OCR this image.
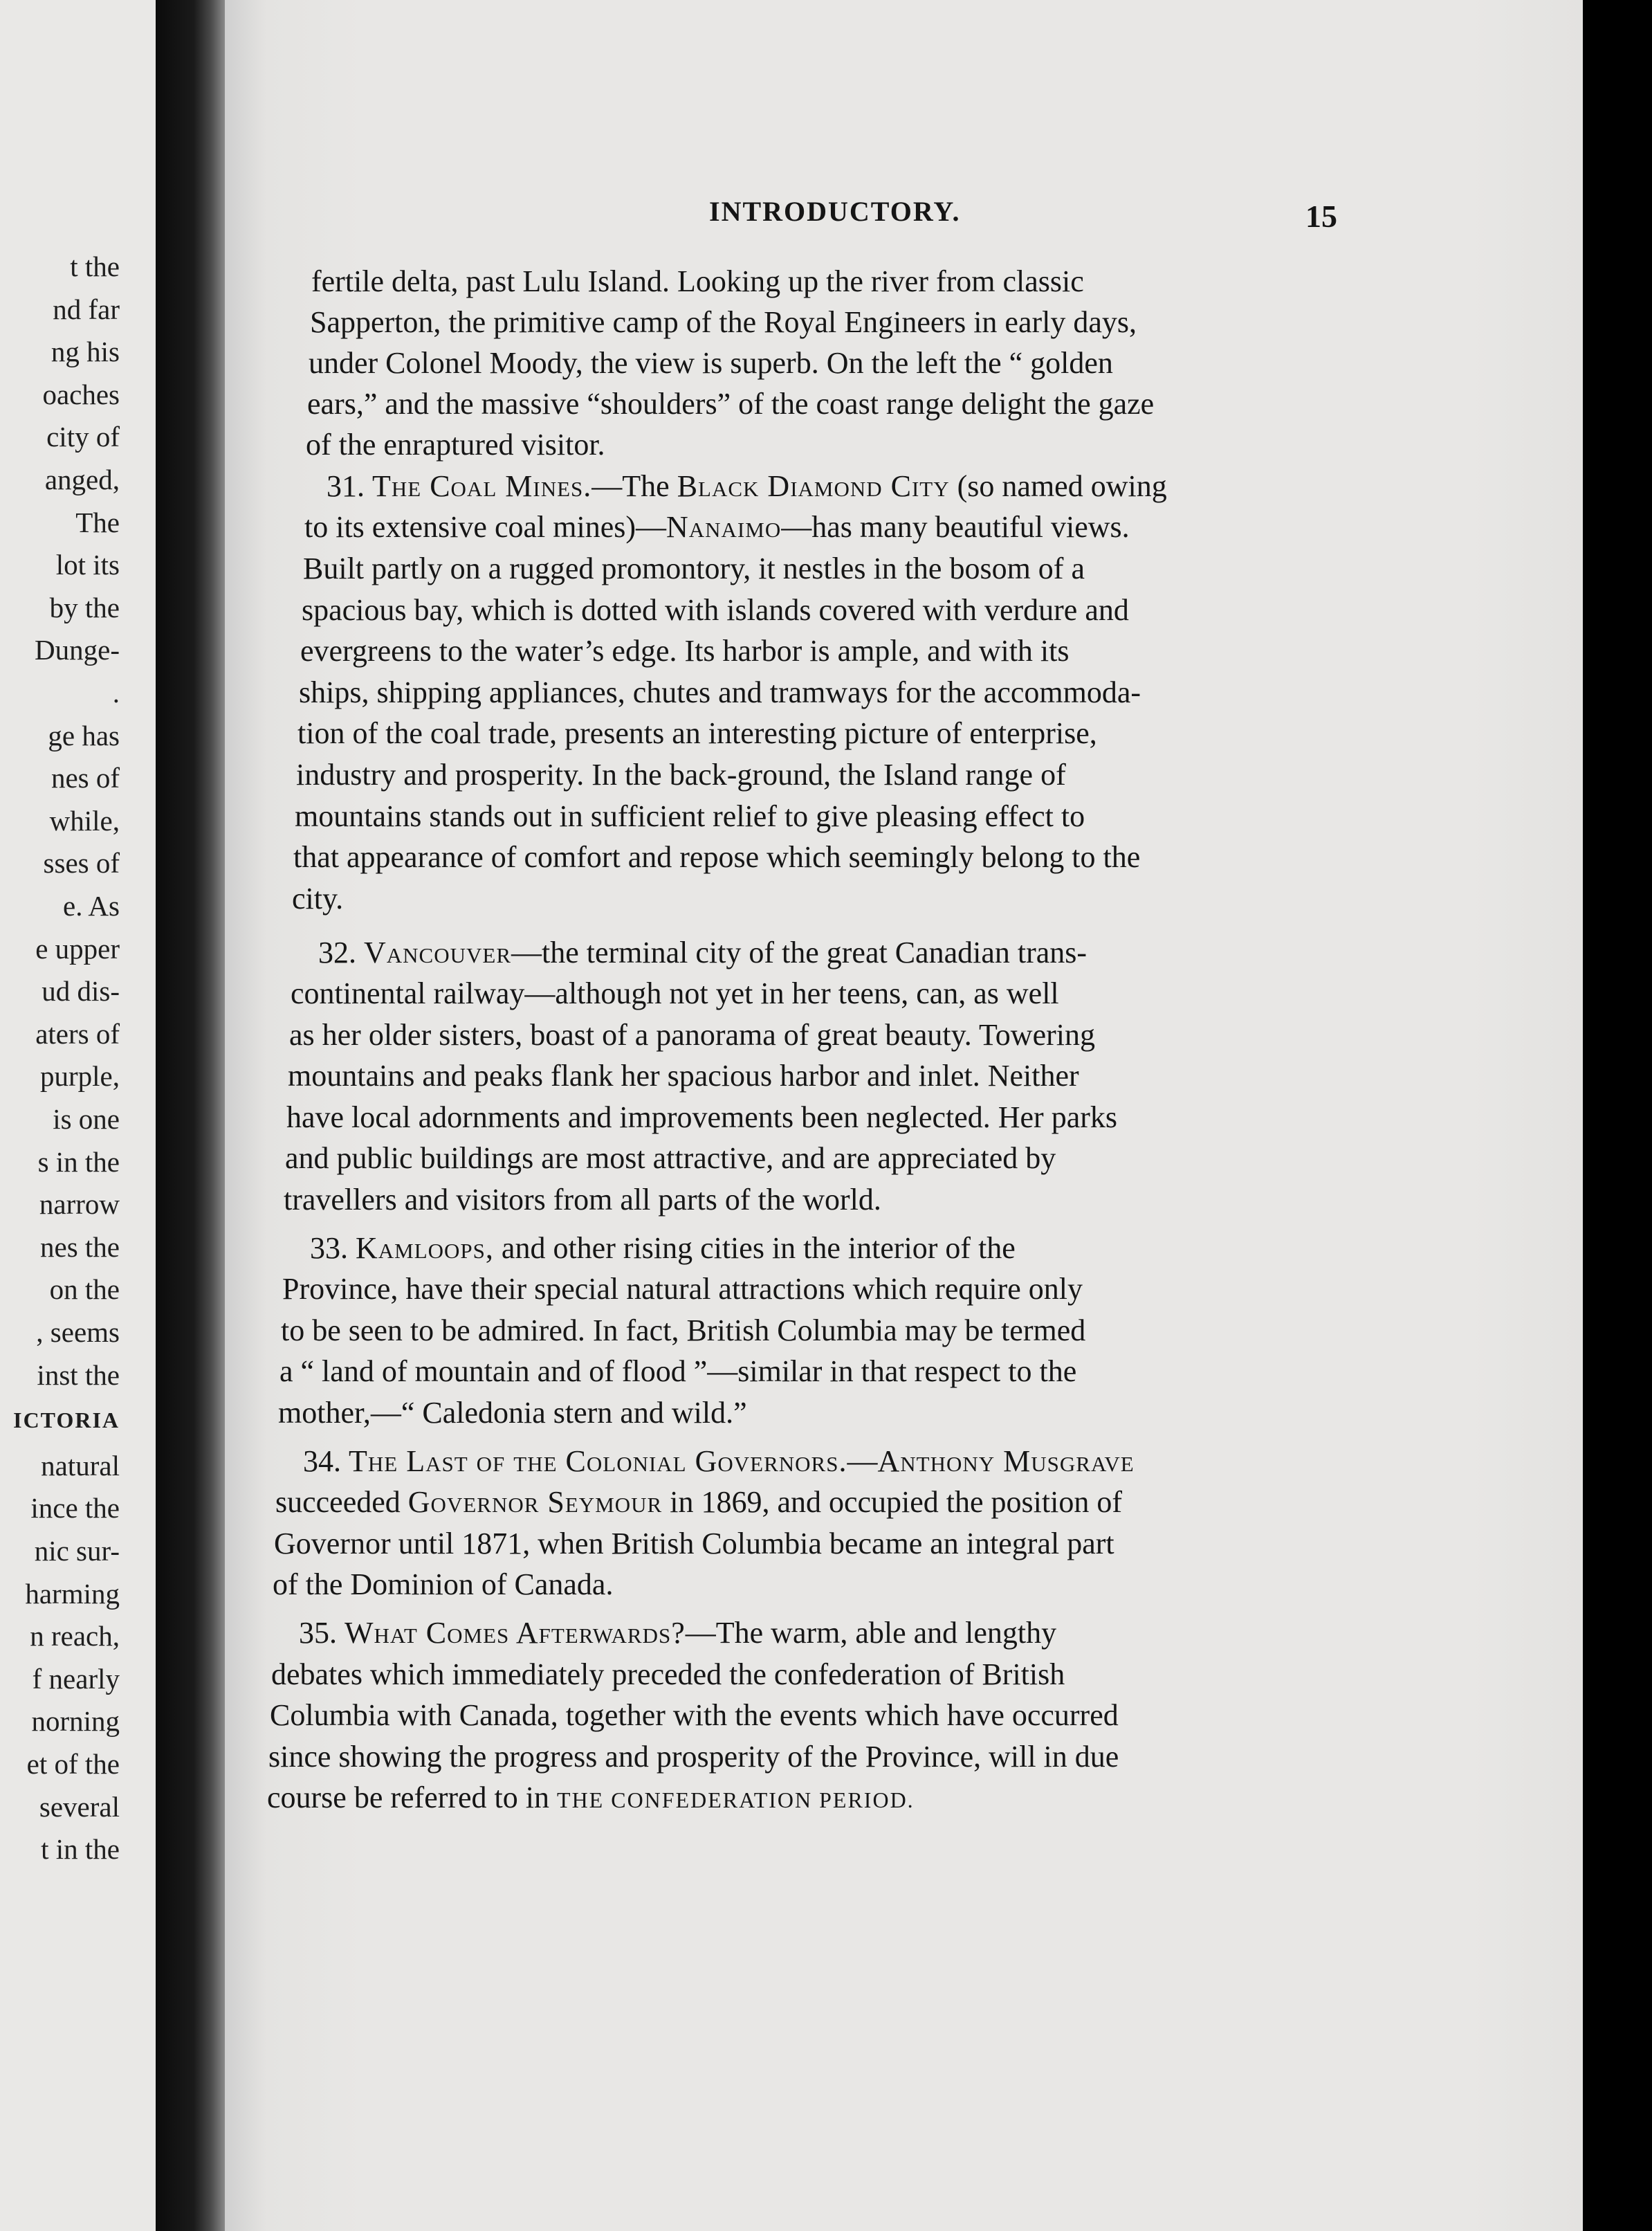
t the
nd far
ng his
oaches
city of
anged,
The
lot its
by the
Dunge-
.
ge has
nes of
while,
sses of
e. As
e upper
ud dis-
aters of
purple,
is one
s in the
narrow
nes the
on the
, seems
inst the
ICTORIA
natural
ince the
nic sur-
harming
n reach,
f nearly
norning
et of the
several
t in the
INTRODUCTORY.	15
fertile delta, past Lulu Island. Looking up the river from classic
Sapperton, the primitive camp of the Royal Engineers in early days,
under Colonel Moody, the view is superb. On the left the “ golden
ears,” and the massive “shoulders” of the coast range delight the gaze
of the enraptured visitor.
31. The Coal Mines.—The Black Diamond City (so named owing
to its extensive coal mines)—Nanaimo—has many beautiful views.
Built partly on a rugged promontory, it nestles in the bosom of a
spacious bay, which is dotted with islands covered with verdure and
evergreens to the water’s edge. Its harbor is ample, and with its
ships, shipping appliances, chutes and tramways for the accommoda-
tion of the coal trade, presents an interesting picture of enterprise,
industry and prosperity. In the back-ground, the Island range of
mountains stands out in sufficient relief to give pleasing effect to
that appearance of comfort and repose which seemingly belong to the
city.
32. Vancouver—the terminal city of the great Canadian trans-
continental railway—although not yet in her teens, can, as well
as her older sisters, boast of a panorama of great beauty. Towering
mountains and peaks flank her spacious harbor and inlet. Neither
have local adornments and improvements been neglected. Her parks
and public buildings are most attractive, and are appreciated by
travellers and visitors from all parts of the world.
33. Kamloops, and other rising cities in the interior of the
Province, have their special natural attractions which require only
to be seen to be admired. In fact, British Columbia may be termed
a “ land of mountain and of flood ”—similar in that respect to the
mother,—“ Caledonia stern and wild.”
34. The Last of the Colonial Governors.—Anthony Musgrave
succeeded Governor Seymour in 1869, and occupied the position of
Governor until 1871, when British Columbia became an integral part
of the Dominion of Canada.
35. What Comes Afterwards?—The warm, able and lengthy
debates which immediately preceded the confederation of British
Columbia with Canada, together with the events which have occurred
since showing the progress and prosperity of the Province, will in due
course be referred to in THE CONFEDERATION PERIOD.
